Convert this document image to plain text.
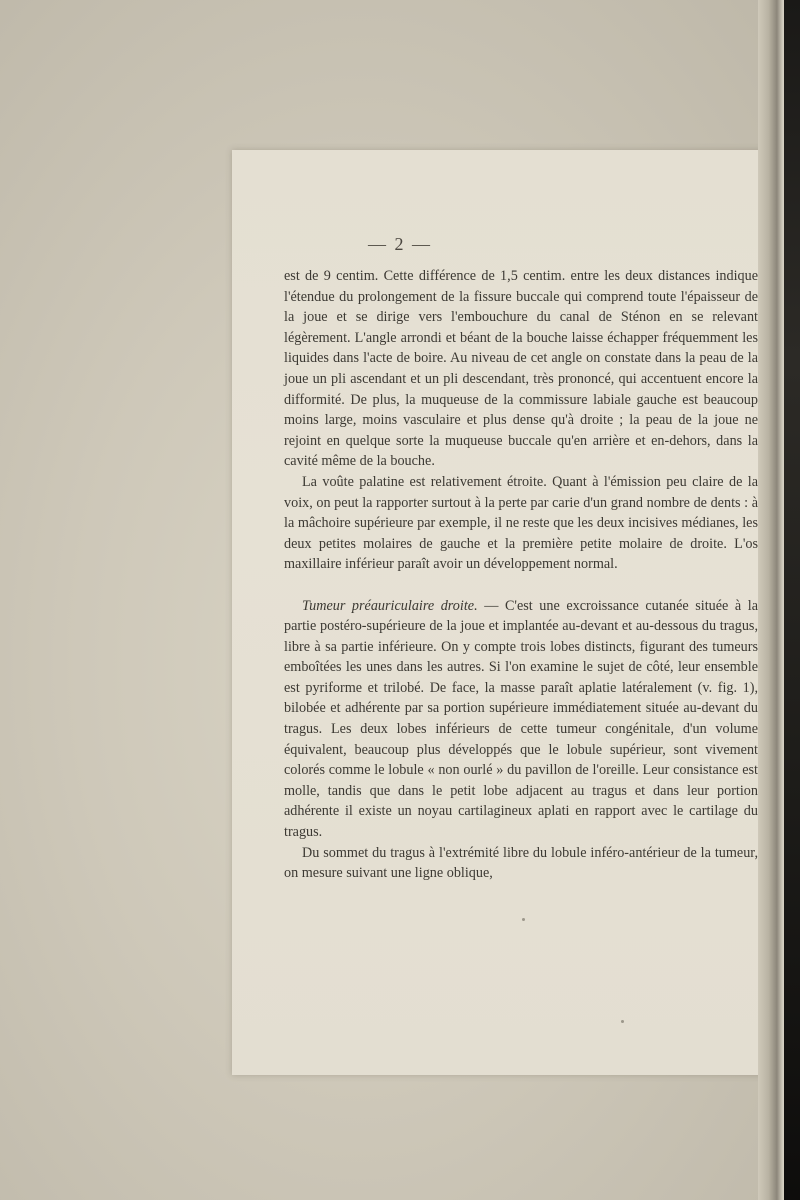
— 2 —

est de 9 centim. Cette différence de 1,5 centim. entre les deux distances indique l'étendue du prolongement de la fissure buccale qui comprend toute l'épaisseur de la joue et se dirige vers l'embouchure du canal de Sténon en se relevant légèrement. L'angle arrondi et béant de la bouche laisse échapper fréquemment les liquides dans l'acte de boire. Au niveau de cet angle on constate dans la peau de la joue un pli ascendant et un pli descendant, très prononcé, qui accentuent encore la difformité. De plus, la muqueuse de la commissure labiale gauche est beaucoup moins large, moins vasculaire et plus dense qu'à droite ; la peau de la joue ne rejoint en quelque sorte la muqueuse buccale qu'en arrière et en-dehors, dans la cavité même de la bouche.

La voûte palatine est relativement étroite. Quant à l'émission peu claire de la voix, on peut la rapporter surtout à la perte par carie d'un grand nombre de dents : à la mâchoire supérieure par exemple, il ne reste que les deux incisives médianes, les deux petites molaires de gauche et la première petite molaire de droite. L'os maxillaire inférieur paraît avoir un développement normal.

Tumeur préauriculaire droite. — C'est une excroissance cutanée située à la partie postéro-supérieure de la joue et implantée au-devant et au-dessous du tragus, libre à sa partie inférieure. On y compte trois lobes distincts, figurant des tumeurs emboîtées les unes dans les autres. Si l'on examine le sujet de côté, leur ensemble est pyriforme et trilobé. De face, la masse paraît aplatie latéralement (v. fig. 1), bilobée et adhérente par sa portion supérieure immédiatement située au-devant du tragus. Les deux lobes inférieurs de cette tumeur congénitale, d'un volume équivalent, beaucoup plus développés que le lobule supérieur, sont vivement colorés comme le lobule « non ourlé » du pavillon de l'oreille. Leur consistance est molle, tandis que dans le petit lobe adjacent au tragus et dans leur portion adhérente il existe un noyau cartilagineux aplati en rapport avec le cartilage du tragus.

Du sommet du tragus à l'extrémité libre du lobule inféro-antérieur de la tumeur, on mesure suivant une ligne oblique,
